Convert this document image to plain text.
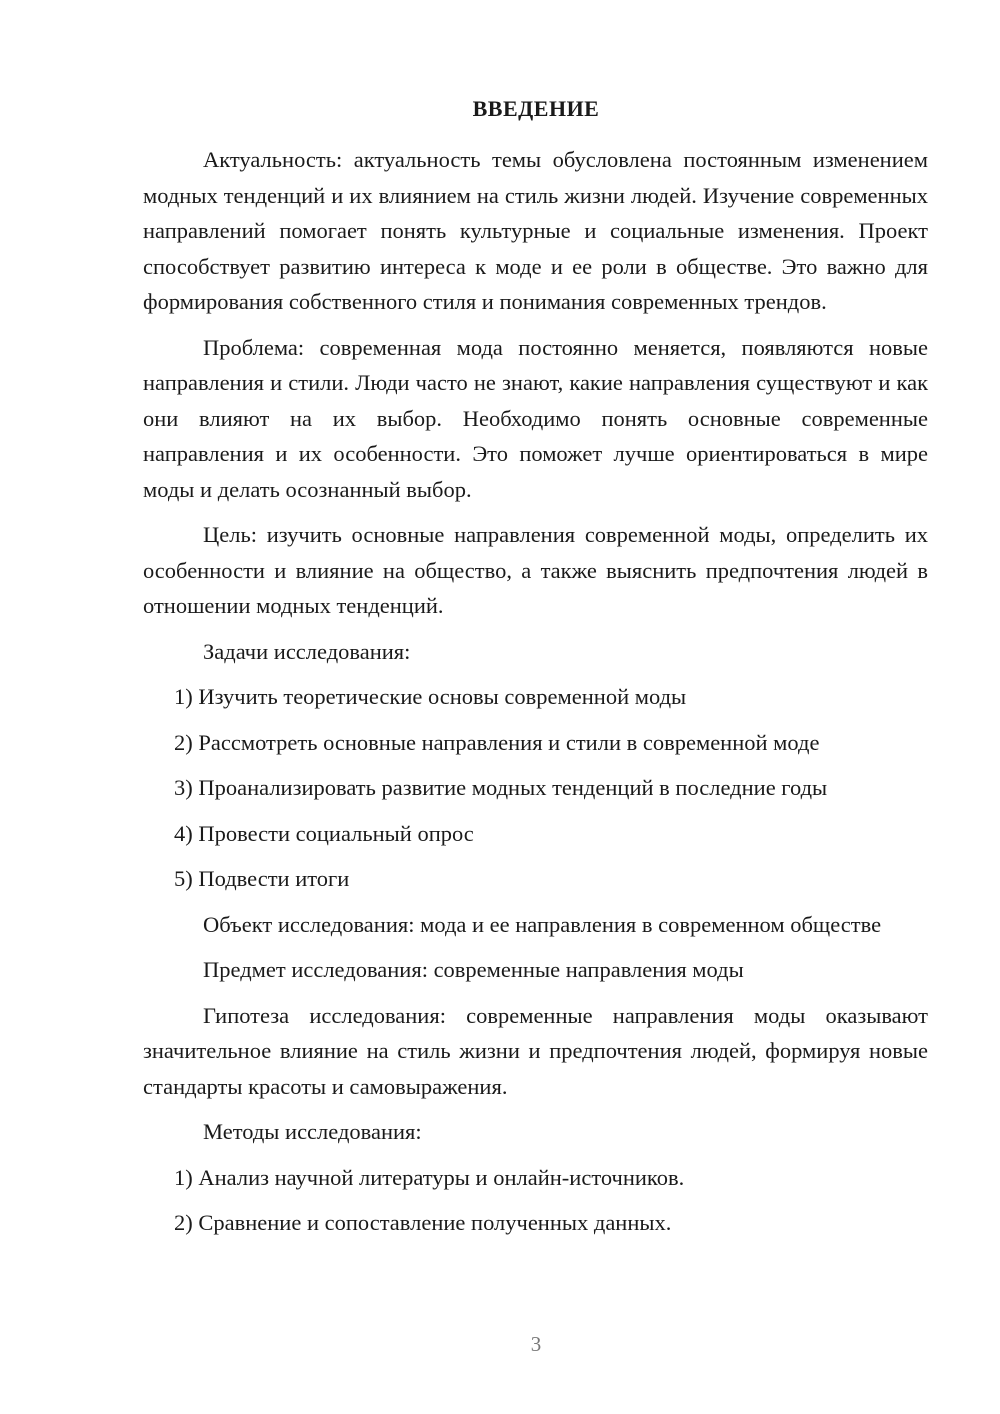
ВВЕДЕНИЕ

Актуальность: актуальность темы обусловлена постоянным изменением модных тенденций и их влиянием на стиль жизни людей. Изучение современных направлений помогает понять культурные и социальные изменения. Проект способствует развитию интереса к моде и ее роли в обществе. Это важно для формирования собственного стиля и понимания современных трендов.

Проблема: современная мода постоянно меняется, появляются новые направления и стили. Люди часто не знают, какие направления существуют и как они влияют на их выбор. Необходимо понять основные современные направления и их особенности. Это поможет лучше ориентироваться в мире моды и делать осознанный выбор.

Цель: изучить основные направления современной моды, определить их особенности и влияние на общество, а также выяснить предпочтения людей в отношении модных тенденций.

Задачи исследования:

1) Изучить теоретические основы современной моды

2) Рассмотреть основные направления и стили в современной моде

3) Проанализировать развитие модных тенденций в последние годы

4) Провести социальный опрос

5) Подвести итоги

Объект исследования: мода и ее направления в современном обществе

Предмет исследования: современные направления моды

Гипотеза исследования: современные направления моды оказывают значительное влияние на стиль жизни и предпочтения людей, формируя новые стандарты красоты и самовыражения.

Методы исследования:

1) Анализ научной литературы и онлайн-источников.

2) Сравнение и сопоставление полученных данных.

3
